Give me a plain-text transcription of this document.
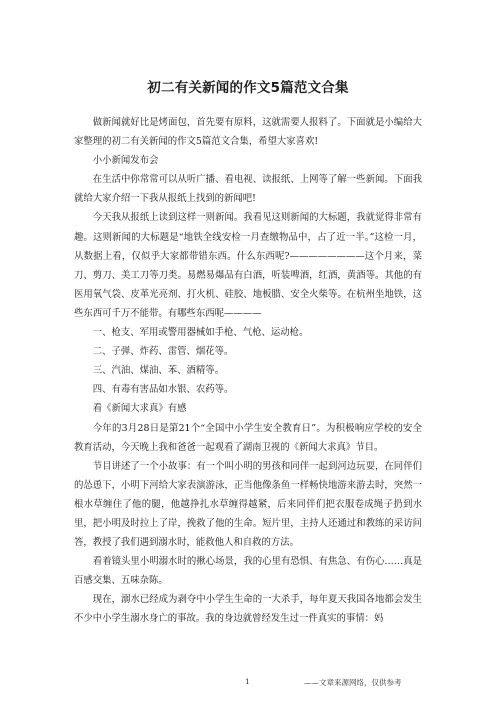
初二有关新闻的作文5篇范文合集

做新闻就好比是烤面包，首先要有原料，这就需要人报料了。下面就是小编给大家整理的初二有关新闻的作文5篇范文合集，希望大家喜欢!

小小新闻发布会

在生活中你常常可以从听广播、看电视、读报纸、上网等了解一些新闻。下面我就给大家介绍一下我从报纸上找到的新闻吧!

今天我从报纸上读到这样一则新闻。我看见这则新闻的大标题，我就觉得非常有趣。这则新闻的大标题是“地铁全线安检一月查缴物品中，占了近一半。”这检一月，从数据上看，仅似乎大家都带错东西。什么东西呢?————————这个月来，菜刀、剪刀、美工刀等刀类。易燃易爆品有白酒，听装啤酒，红酒，黄酒等。其他的有医用氧气袋、皮革光亮剂、打火机、硅胶、地板腊、安全火柴等。在杭州坐地铁，这些东西可千万不能带。有哪些东西呢————

一、枪支、军用或警用器械如手枪、气枪、运动枪。

二、子弹、炸药、雷管、烟花等。

三、汽油、煤油、苯、酒精等。

四、有毒有害品如水银、农药等。

看《新闻大求真》有感

今年的3月28日是第21个“全国中小学生安全教育日”。为积极响应学校的安全教育活动，今天晚上我和爸爸一起观看了湖南卫视的《新闻大求真》节目。

节目讲述了一个小故事：有一个叫小明的男孩和同伴一起到河边玩耍，在同伴们的怂恿下，小明下河给大家表演游泳，正当他像条鱼一样畅快地游来游去时，突然一根水草缠住了他的腿，他越挣扎水草缠得越紧，后来同伴们把衣服卷成绳子扔到水里，把小明及时拉上了岸，挽救了他的生命。短片里，主持人还通过和教练的采访问答，教授了我们遇到溺水时，能救他人和自救的方法。

看着镜头里小明溺水时的揪心场景，我的心里有恐惧、有焦急、有伤心……真是百感交集、五味杂陈。

现在，溺水已经成为剥夺中小学生生命的一大杀手，每年夏天我国各地都会发生不少中小学生溺水身亡的事故。我的身边就曾经发生过一件真实的事情：妈

1	——文章来源网络，仅供参考
